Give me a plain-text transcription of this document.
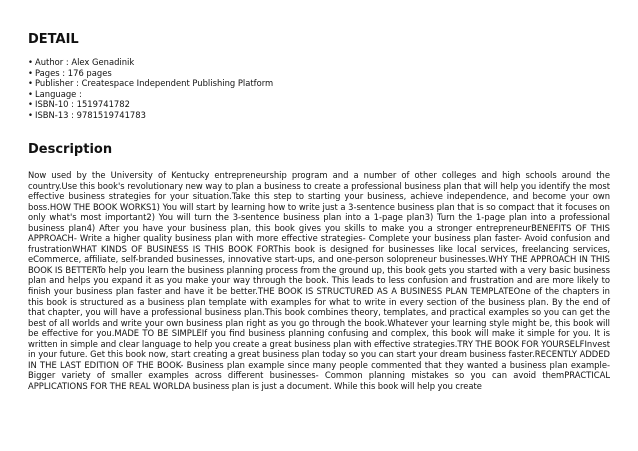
DETAIL
• Author : Alex Genadinik
• Pages : 176 pages
• Publisher : Createspace Independent Publishing Platform
• Language :
• ISBN-10 : 1519741782
• ISBN-13 : 9781519741783
Description

Now used by the University of Kentucky entrepreneurship program and a number of other colleges and high schools around the country.Use this book's revolutionary new way to plan a business to create a professional business plan that will help you identify the most effective business strategies for your situation.Take this step to starting your business, achieve independence, and become your own boss.HOW THE BOOK WORKS1) You will start by learning how to write just a 3-sentence business plan that is so compact that it focuses on only what's most important2) You will turn the 3-sentence business plan into a 1-page plan3) Turn the 1-page plan into a professional business plan4) After you have your business plan, this book gives you skills to make you a stronger entrepreneurBENEFITS OF THIS APPROACH- Write a higher quality business plan with more effective strategies- Complete your business plan faster- Avoid confusion and frustrationWHAT KINDS OF BUSINESS IS THIS BOOK FORThis book is designed for businesses like local services, freelancing services, eCommerce, affiliate, self-branded businesses, innovative start-ups, and one-person solopreneur businesses.WHY THE APPROACH IN THIS BOOK IS BETTERTo help you learn the business planning process from the ground up, this book gets you started with a very basic business plan and helps you expand it as you make your way through the book. This leads to less confusion and frustration and are more likely to finish your business plan faster and have it be better.THE BOOK IS STRUCTURED AS A BUSINESS PLAN TEMPLATEOne of the chapters in this book is structured as a business plan template with examples for what to write in every section of the business plan. By the end of that chapter, you will have a professional business plan.This book combines theory, templates, and practical examples so you can get the best of all worlds and write your own business plan right as you go through the book.Whatever your learning style might be, this book will be effective for you.MADE TO BE SIMPLEIf you find business planning confusing and complex, this book will make it simple for you. It is written in simple and clear language to help you create a great business plan with effective strategies.TRY THE BOOK FOR YOURSELFInvest in your future. Get this book now, start creating a great business plan today so you can start your dream business faster.RECENTLY ADDED IN THE LAST EDITION OF THE BOOK- Business plan example since many people commented that they wanted a business plan example- Bigger variety of smaller examples across different businesses- Common planning mistakes so you can avoid themPRACTICAL APPLICATIONS FOR THE REAL WORLDA business plan is just a document. While this book will help you create
